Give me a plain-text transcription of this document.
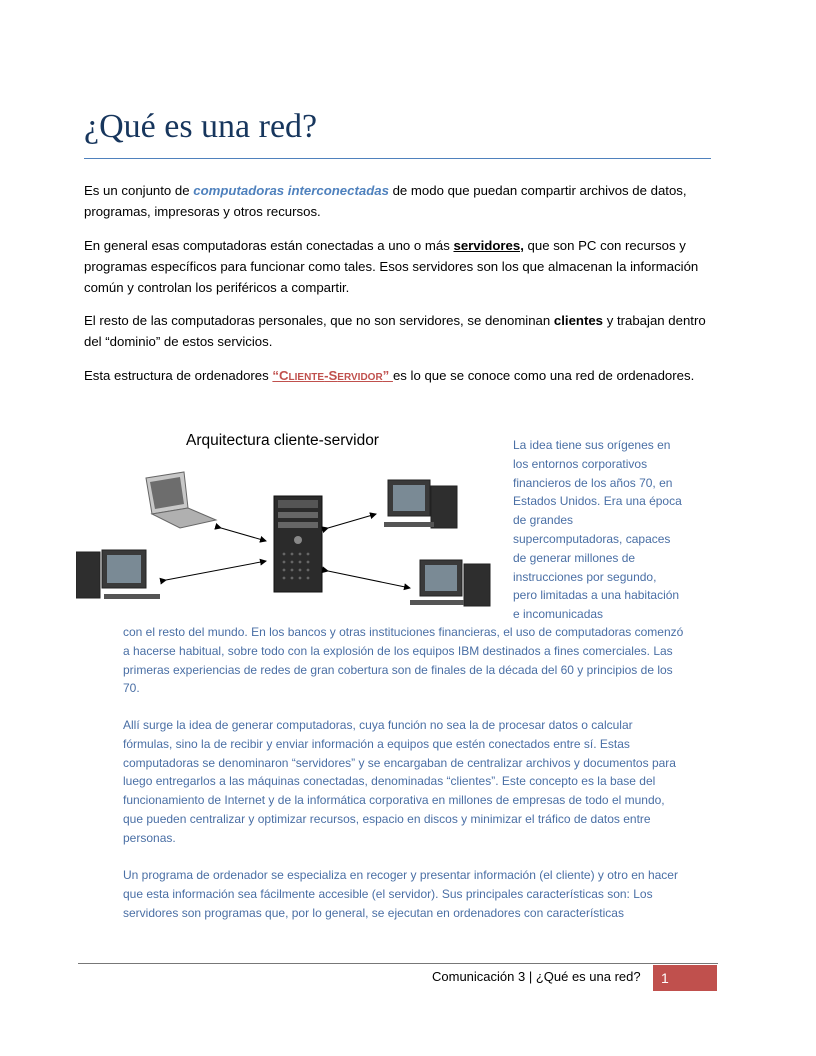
¿Qué es una red?

Es un conjunto de computadoras interconectadas de modo que puedan compartir archivos de datos, programas, impresoras y otros recursos.

En general esas computadoras están conectadas a uno o más servidores, que son PC con recursos y programas específicos para funcionar como tales. Esos servidores son los que almacenan la información común y controlan los periféricos a compartir.

El resto de las computadoras personales, que no son servidores, se denominan clientes y trabajan dentro del “dominio” de estos servicios.

Esta estructura de ordenadores “CLIENTE-SERVIDOR” es lo que se conoce como una red de ordenadores.

Arquitectura cliente-servidor	La idea tiene sus orígenes en los entornos corporativos financieros de los años 70, en Estados Unidos. Era una época de grandes supercomputadoras, capaces de generar millones de instrucciones por segundo, pero limitadas a una habitación e incomunicadas

con el resto del mundo. En los bancos y otras instituciones financieras, el uso de computadoras comenzó a hacerse habitual, sobre todo con la explosión de los equipos IBM destinados a fines comerciales. Las primeras experiencias de redes de gran cobertura son de finales de la década del 60 y principios de los 70.

Allí surge la idea de generar computadoras, cuya función no sea la de procesar datos o calcular fórmulas, sino la de recibir y enviar información a equipos que estén conectados entre sí. Estas computadoras se denominaron “servidores” y se encargaban de centralizar archivos y documentos para luego entregarlos a las máquinas conectadas, denominadas “clientes”. Este concepto es la base del funcionamiento de Internet y de la informática corporativa en millones de empresas de todo el mundo, que pueden centralizar y optimizar recursos, espacio en discos y minimizar el tráfico de datos entre personas.

Un programa de ordenador se especializa en recoger y presentar información (el cliente) y otro en hacer que esta información sea fácilmente accesible (el servidor). Sus principales características son: Los servidores son programas que, por lo general, se ejecutan en ordenadores con características

Comunicación 3 | ¿Qué es una red?	1
